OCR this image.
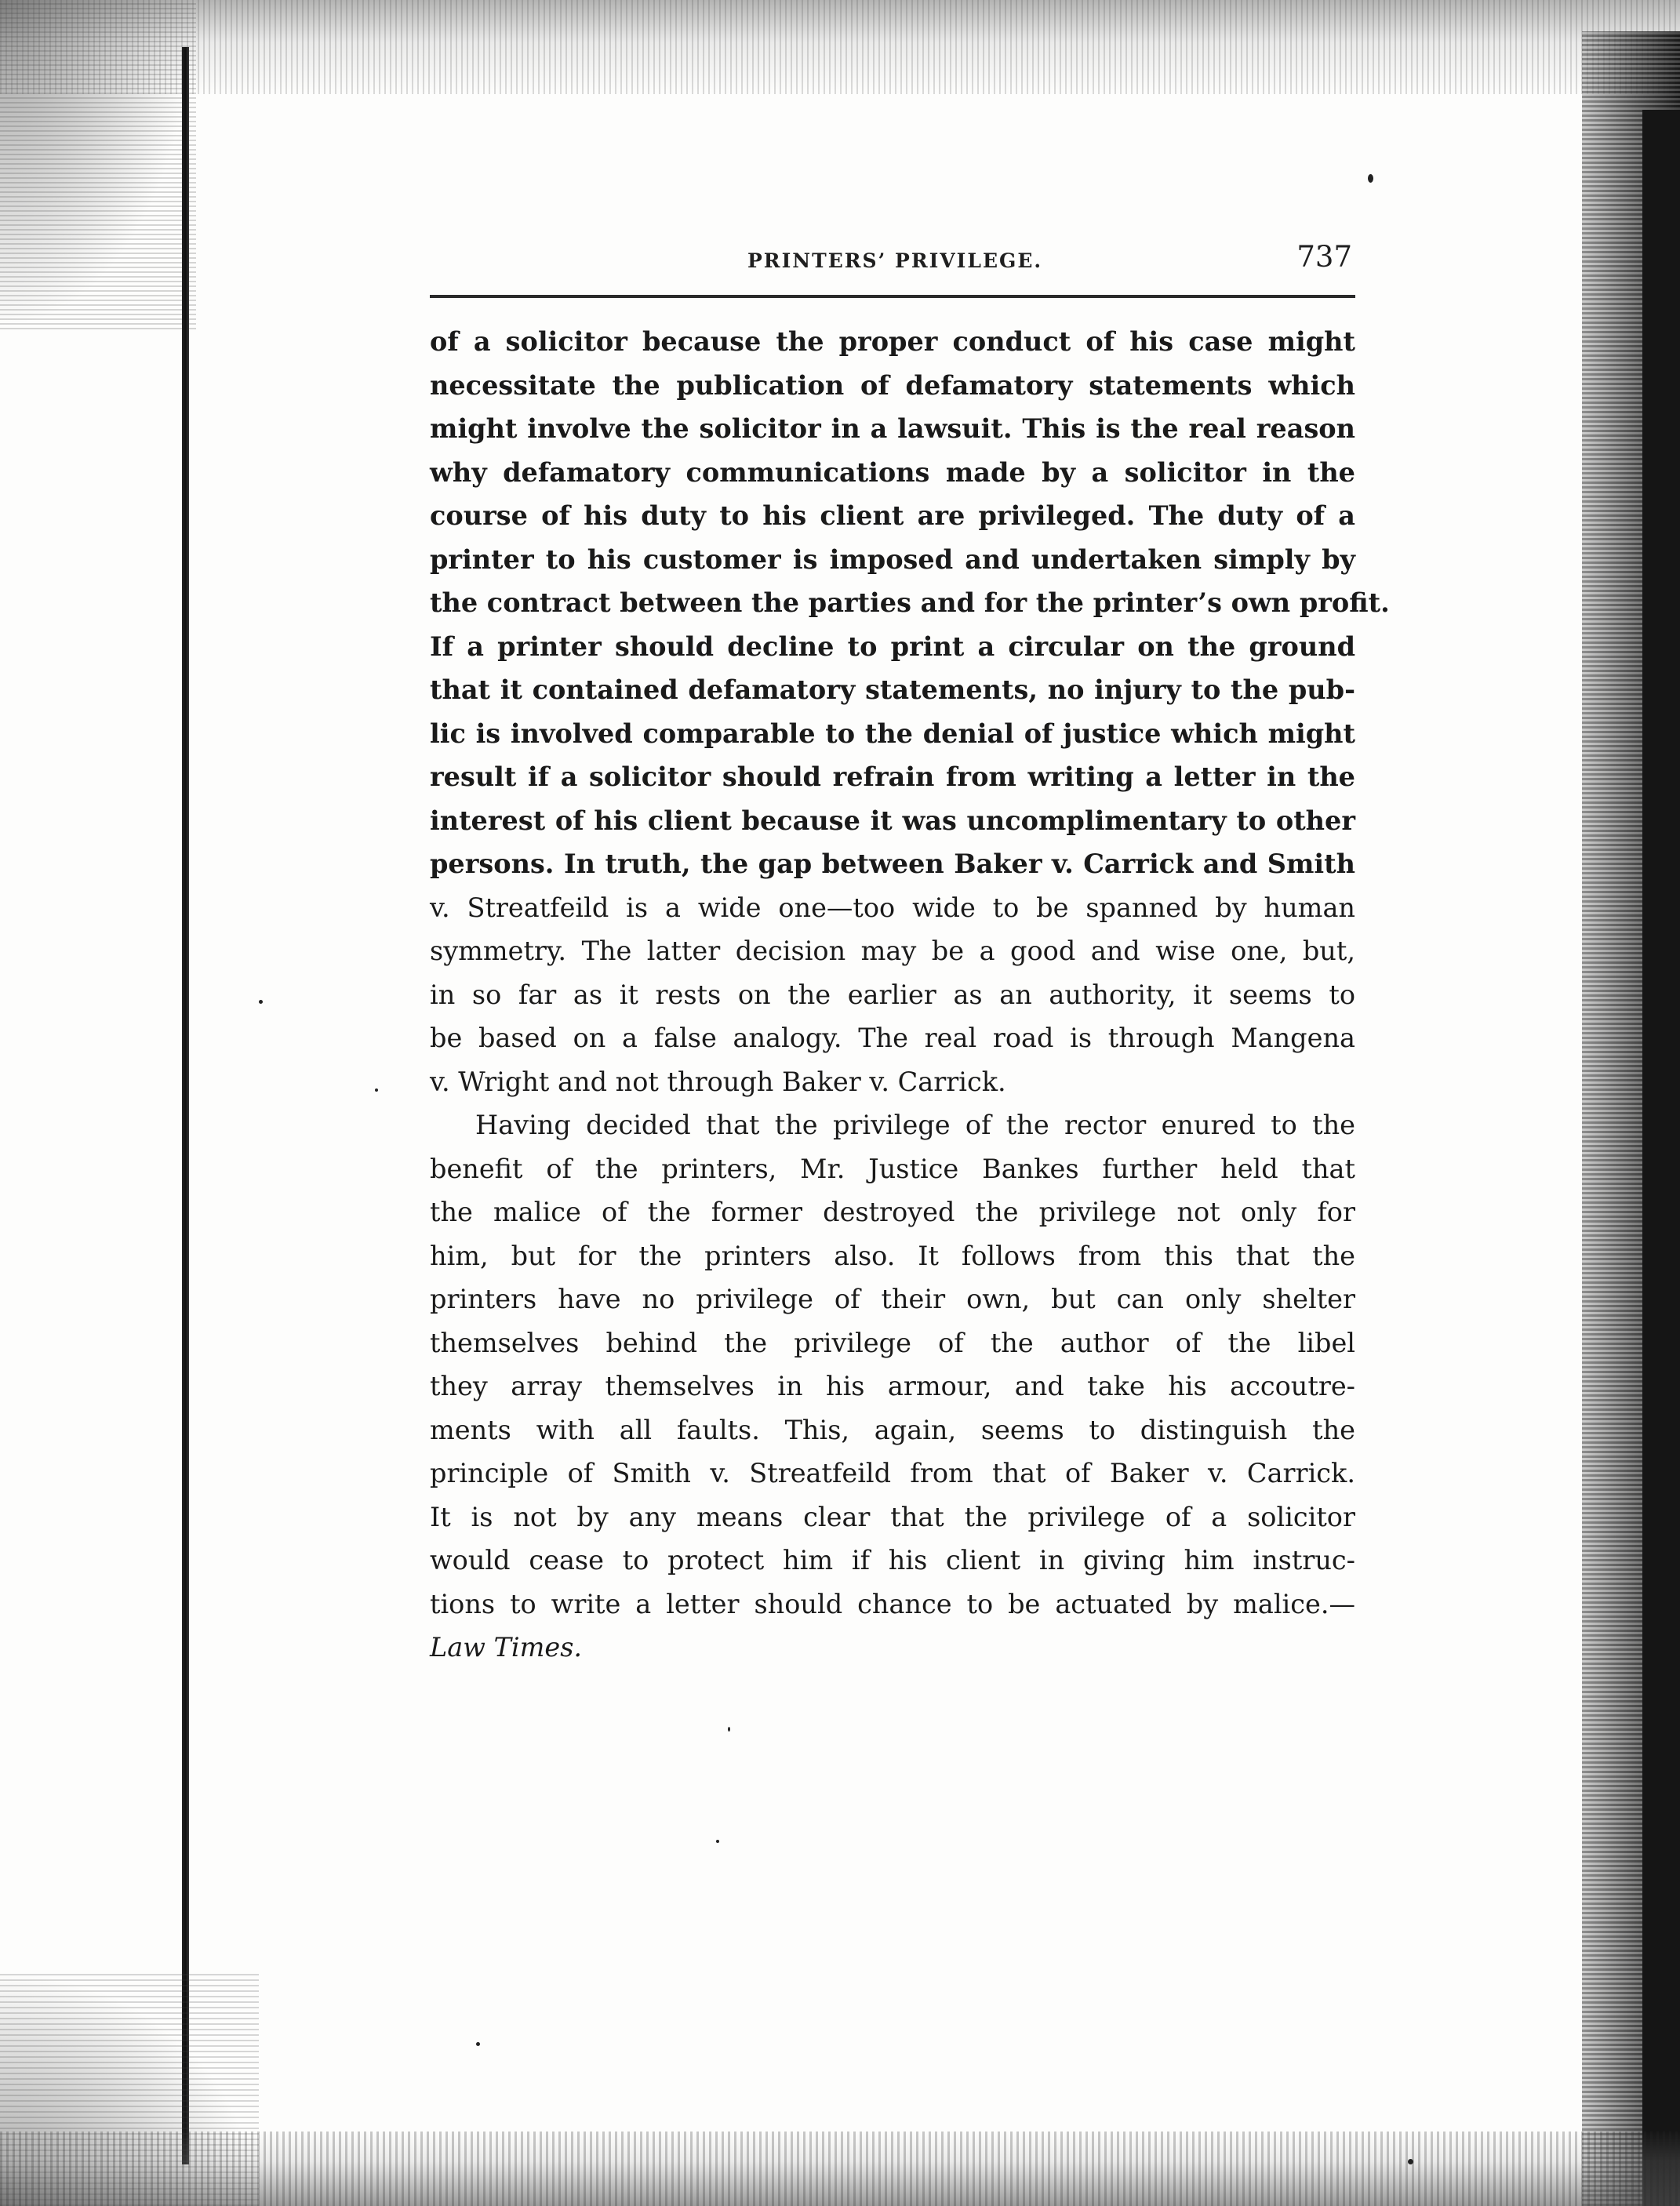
PRINTERS’ PRIVILEGE.	737

of a solicitor because the proper conduct of his case might
necessitate the publication of defamatory statements which
might involve the solicitor in a lawsuit. This is the real reason
why defamatory communications made by a solicitor in the
course of his duty to his client are privileged. The duty of a
printer to his customer is imposed and undertaken simply by
the contract between the parties and for the printer’s own profit.
If a printer should decline to print a circular on the ground
that it contained defamatory statements, no injury to the pub-
lic is involved comparable to the denial of justice which might
result if a solicitor should refrain from writing a letter in the
interest of his client because it was uncomplimentary to other
persons. In truth, the gap between Baker v. Carrick and Smith
v. Streatfeild is a wide one—too wide to be spanned by human
symmetry. The latter decision may be a good and wise one, but,
in so far as it rests on the earlier as an authority, it seems to
be based on a false analogy. The real road is through Mangena
v. Wright and not through Baker v. Carrick.

Having decided that the privilege of the rector enured to the
benefit of the printers, Mr. Justice Bankes further held that
the malice of the former destroyed the privilege not only for
him, but for the printers also. It follows from this that the
printers have no privilege of their own, but can only shelter
themselves behind the privilege of the author of the libel
they array themselves in his armour, and take his accoutre-
ments with all faults. This, again, seems to distinguish the
principle of Smith v. Streatfeild from that of Baker v. Carrick.
It is not by any means clear that the privilege of a solicitor
would cease to protect him if his client in giving him instruc-
tions to write a letter should chance to be actuated by malice.—
Law Times.
